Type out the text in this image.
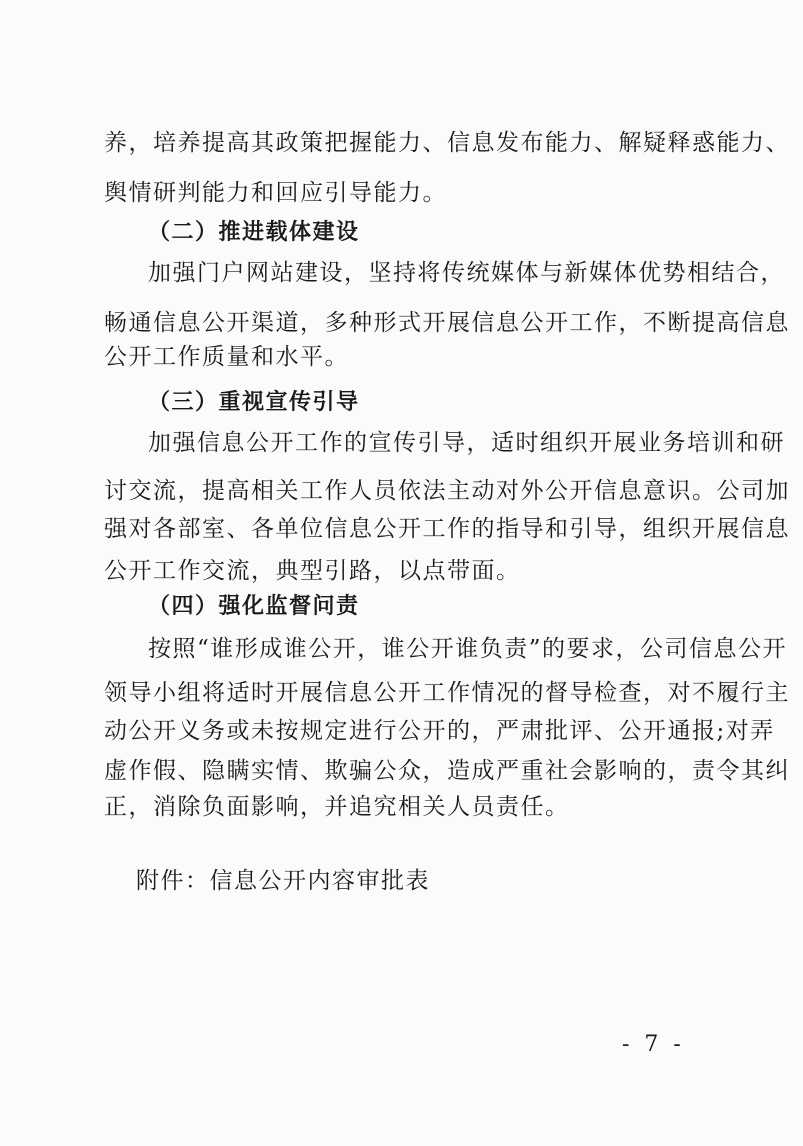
养，培养提高其政策把握能力、信息发布能力、解疑释惑能力、
舆情研判能力和回应引导能力。
（二）推进载体建设
加强门户网站建设，坚持将传统媒体与新媒体优势相结合，
畅通信息公开渠道，多种形式开展信息公开工作，不断提高信息
公开工作质量和水平。
（三）重视宣传引导
加强信息公开工作的宣传引导，适时组织开展业务培训和研
讨交流，提高相关工作人员依法主动对外公开信息意识。公司加
强对各部室、各单位信息公开工作的指导和引导，组织开展信息
公开工作交流，典型引路，以点带面。
（四）强化监督问责
按照“谁形成谁公开，谁公开谁负责”的要求，公司信息公开
领导小组将适时开展信息公开工作情况的督导检查，对不履行主
动公开义务或未按规定进行公开的，严肃批评、公开通报;对弄
虚作假、隐瞒实情、欺骗公众，造成严重社会影响的，责令其纠
正，消除负面影响，并追究相关人员责任。
附件：信息公开内容审批表
- 7 -
